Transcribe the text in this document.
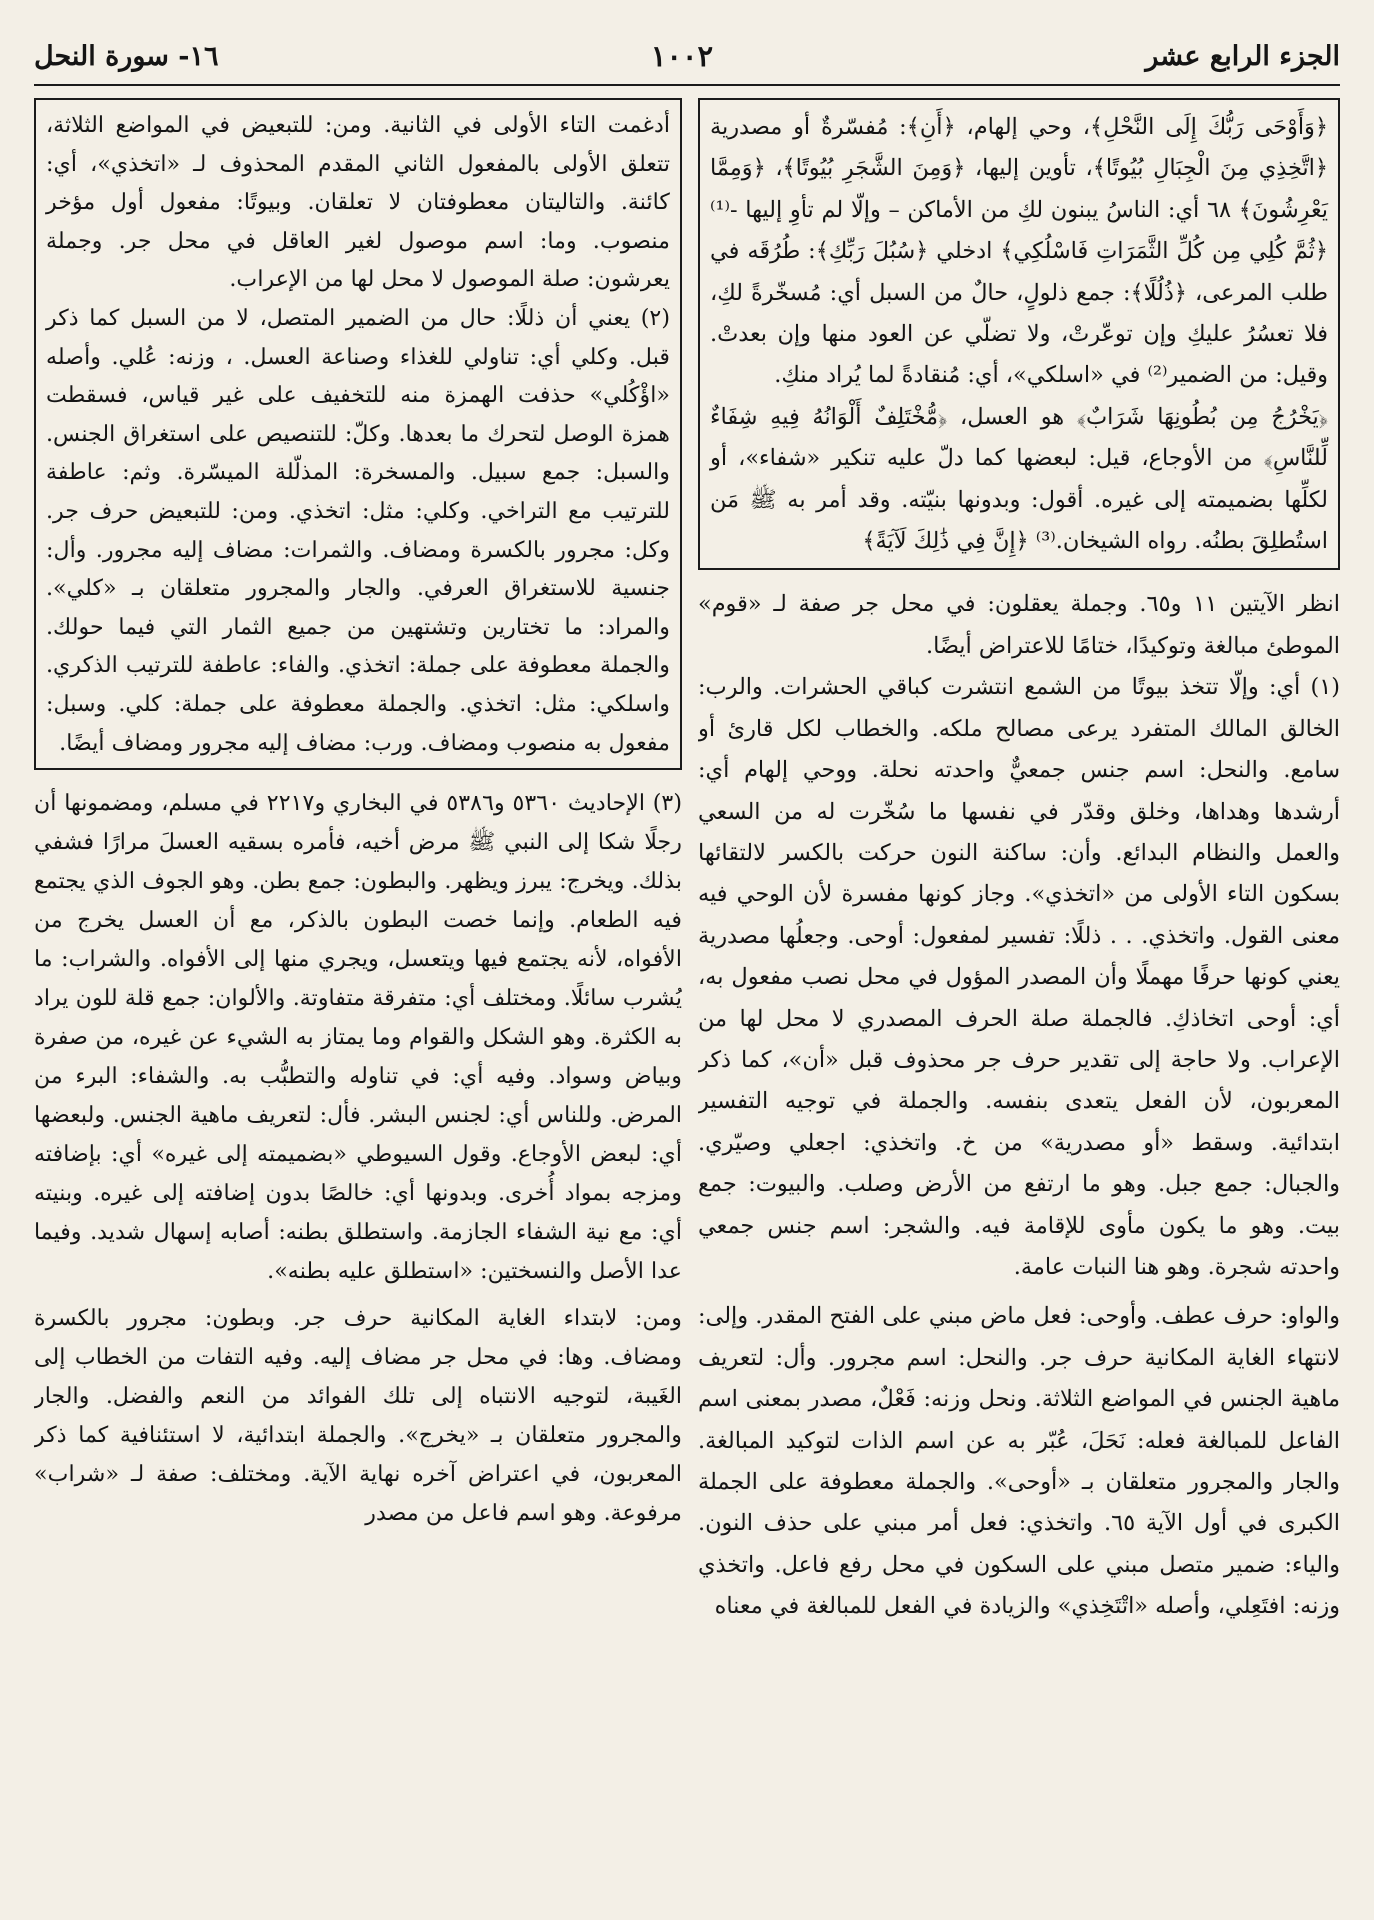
الجزء الرابع عشر
١٠٠٢
١٦- سورة النحل

﴿وَأَوْحَى رَبُّكَ إِلَى النَّحْلِ﴾، وحي إلهام، ﴿أَنِ﴾: مُفسّرةٌ أو مصدرية ﴿اتَّخِذِي مِنَ الْجِبَالِ بُيُوتًا﴾، تأوين إليها، ﴿وَمِنَ الشَّجَرِ بُيُوتًا﴾، ﴿وَمِمَّا يَعْرِشُونَ﴾ ٦٨ أي: الناسُ يبنون لكِ من الأماكن – وإلّا لم تأوِ إليها -⁽¹⁾ ﴿ثُمَّ كُلِي مِن كُلِّ الثَّمَرَاتِ فَاسْلُكِي﴾ ادخلي ﴿سُبُلَ رَبِّكِ﴾: طُرُقَه في طلب المرعى، ﴿ذُلُلًا﴾: جمع ذلولٍ، حالٌ من السبل أي: مُسخّرةً لكِ، فلا تعسُرُ عليكِ وإن توعّرتْ، ولا تضلّي عن العود منها وإن بعدتْ. وقيل: من الضمير⁽²⁾ في «اسلكي»، أي: مُنقادةً لما يُراد منكِ.

﴿يَخْرُجُ مِن بُطُونِهَا شَرَابٌ﴾ هو العسل، ﴿مُّخْتَلِفٌ أَلْوَانُهُ فِيهِ شِفَاءٌ لِّلنَّاسِ﴾ من الأوجاع، قيل: لبعضها كما دلّ عليه تنكير «شفاء»، أو لكلِّها بضميمته إلى غيره. أقول: وبدونها بنيّته. وقد أمر به ﷺ مَن استُطلِقَ بطنُه. رواه الشيخان.⁽³⁾ ﴿إِنَّ فِي ذَٰلِكَ لَآيَةً﴾

انظر الآيتين ١١ و٦٥. وجملة يعقلون: في محل جر صفة لـ «قوم» الموطئ مبالغة وتوكيدًا، ختامًا للاعتراض أيضًا.

(١) أي: وإلّا تتخذ بيوتًا من الشمع انتشرت كباقي الحشرات. والرب: الخالق المالك المتفرد يرعى مصالح ملكه. والخطاب لكل قارئ أو سامع. والنحل: اسم جنس جمعيٌّ واحدته نحلة. ووحي إلهام أي: أرشدها وهداها، وخلق وقدّر في نفسها ما سُخّرت له من السعي والعمل والنظام البدائع. وأن: ساكنة النون حركت بالكسر لالتقائها بسكون التاء الأولى من «اتخذي». وجاز كونها مفسرة لأن الوحي فيه معنى القول. واتخذي. . . ذللًا: تفسير لمفعول: أوحى. وجعلُها مصدرية يعني كونها حرفًا مهملًا وأن المصدر المؤول في محل نصب مفعول به، أي: أوحى اتخاذكِ. فالجملة صلة الحرف المصدري لا محل لها من الإعراب. ولا حاجة إلى تقدير حرف جر محذوف قبل «أن»، كما ذكر المعربون، لأن الفعل يتعدى بنفسه. والجملة في توجيه التفسير ابتدائية. وسقط «أو مصدرية» من خ. واتخذي: اجعلي وصيّري. والجبال: جمع جبل. وهو ما ارتفع من الأرض وصلب. والبيوت: جمع بيت. وهو ما يكون مأوى للإقامة فيه. والشجر: اسم جنس جمعي واحدته شجرة. وهو هنا النبات عامة.

والواو: حرف عطف. وأوحى: فعل ماض مبني على الفتح المقدر. وإلى: لانتهاء الغاية المكانية حرف جر. والنحل: اسم مجرور. وأل: لتعريف ماهية الجنس في المواضع الثلاثة. ونحل وزنه: فَعْلٌ، مصدر بمعنى اسم الفاعل للمبالغة فعله: نَحَلَ، عُبّر به عن اسم الذات لتوكيد المبالغة. والجار والمجرور متعلقان بـ «أوحى». والجملة معطوفة على الجملة الكبرى في أول الآية ٦٥. واتخذي: فعل أمر مبني على حذف النون. والياء: ضمير متصل مبني على السكون في محل رفع فاعل. واتخذي وزنه: افتَعِلي، وأصله «اتْتَخِذي» والزيادة في الفعل للمبالغة في معناه

أدغمت التاء الأولى في الثانية. ومن: للتبعيض في المواضع الثلاثة، تتعلق الأولى بالمفعول الثاني المقدم المحذوف لـ «اتخذي»، أي: كائنة. والتاليتان معطوفتان لا تعلقان. وبيوتًا: مفعول أول مؤخر منصوب. وما: اسم موصول لغير العاقل في محل جر. وجملة يعرشون: صلة الموصول لا محل لها من الإعراب.

(٢) يعني أن ذللًا: حال من الضمير المتصل، لا من السبل كما ذكر قبل. وكلي أي: تناولي للغذاء وصناعة العسل. ، وزنه: عُلي. وأصله «اؤْكُلي» حذفت الهمزة منه للتخفيف على غير قياس، فسقطت همزة الوصل لتحرك ما بعدها. وكلّ: للتنصيص على استغراق الجنس. والسبل: جمع سبيل. والمسخرة: المذلّلة الميسّرة. وثم: عاطفة للترتيب مع التراخي. وكلي: مثل: اتخذي. ومن: للتبعيض حرف جر. وكل: مجرور بالكسرة ومضاف. والثمرات: مضاف إليه مجرور. وأل: جنسية للاستغراق العرفي. والجار والمجرور متعلقان بـ «كلي». والمراد: ما تختارين وتشتهين من جميع الثمار التي فيما حولك. والجملة معطوفة على جملة: اتخذي. والفاء: عاطفة للترتيب الذكري. واسلكي: مثل: اتخذي. والجملة معطوفة على جملة: كلي. وسبل: مفعول به منصوب ومضاف. ورب: مضاف إليه مجرور ومضاف أيضًا.

(٣) الإحاديث ٥٣٦٠ و٥٣٨٦ في البخاري و٢٢١٧ في مسلم، ومضمونها أن رجلًا شكا إلى النبي ﷺ مرض أخيه، فأمره بسقيه العسلَ مرارًا فشفي بذلك. ويخرج: يبرز ويظهر. والبطون: جمع بطن. وهو الجوف الذي يجتمع فيه الطعام. وإنما خصت البطون بالذكر، مع أن العسل يخرج من الأفواه، لأنه يجتمع فيها ويتعسل، ويجري منها إلى الأفواه. والشراب: ما يُشرب سائلًا. ومختلف أي: متفرقة متفاوتة. والألوان: جمع قلة للون يراد به الكثرة. وهو الشكل والقوام وما يمتاز به الشيء عن غيره، من صفرة وبياض وسواد. وفيه أي: في تناوله والتطبُّب به. والشفاء: البرء من المرض. وللناس أي: لجنس البشر. فأل: لتعريف ماهية الجنس. ولبعضها أي: لبعض الأوجاع. وقول السيوطي «بضميمته إلى غيره» أي: بإضافته ومزجه بمواد أُخرى. وبدونها أي: خالصًا بدون إضافته إلى غيره. وبنيته أي: مع نية الشفاء الجازمة. واستطلق بطنه: أصابه إسهال شديد. وفيما عدا الأصل والنسختين: «استطلق عليه بطنه».

ومن: لابتداء الغاية المكانية حرف جر. وبطون: مجرور بالكسرة ومضاف. وها: في محل جر مضاف إليه. وفيه التفات من الخطاب إلى الغَيبة، لتوجيه الانتباه إلى تلك الفوائد من النعم والفضل. والجار والمجرور متعلقان بـ «يخرج». والجملة ابتدائية، لا استئنافية كما ذكر المعربون، في اعتراض آخره نهاية الآية. ومختلف: صفة لـ «شراب» مرفوعة. وهو اسم فاعل من مصدر
